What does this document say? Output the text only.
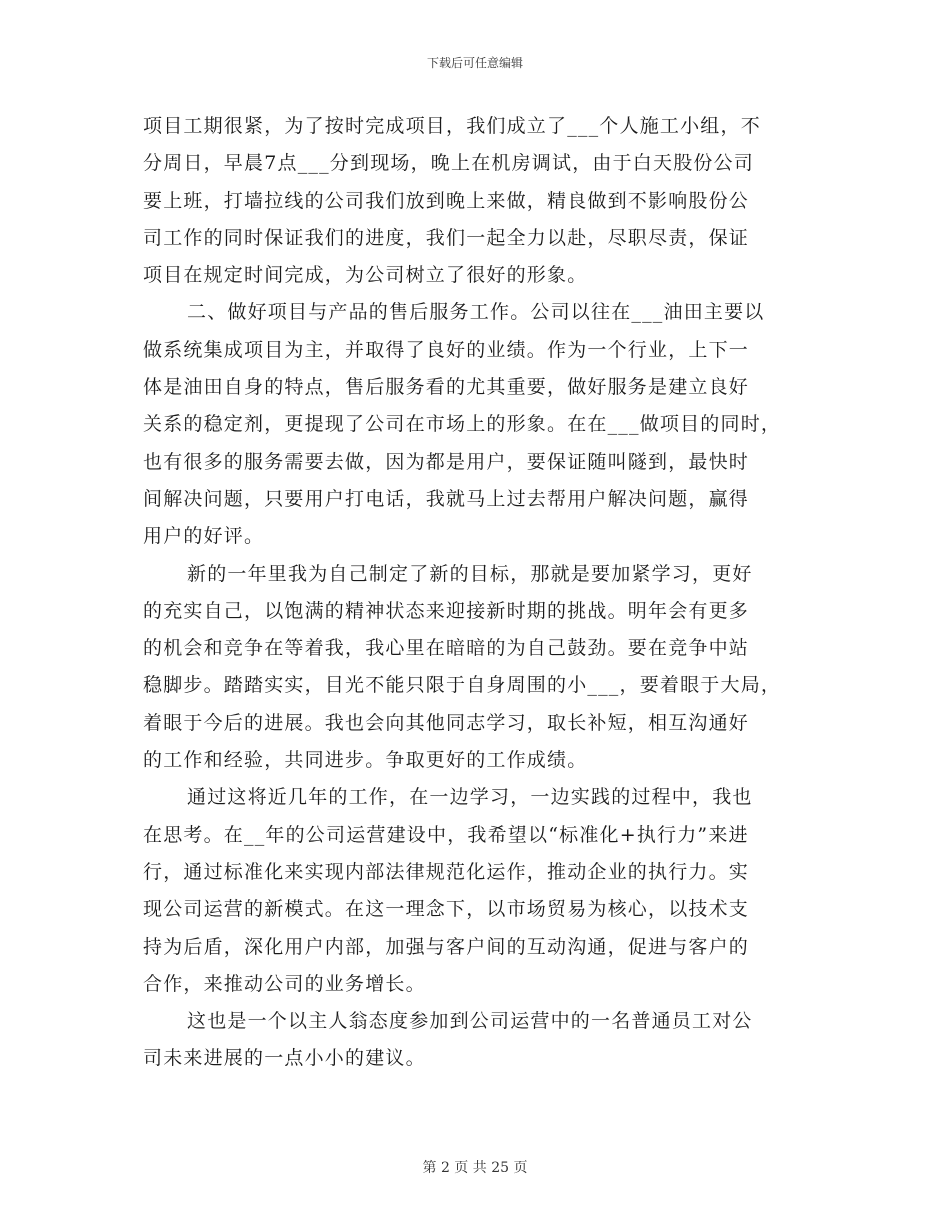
下载后可任意编辑
项目工期很紧，为了按时完成项目，我们成立了___个人施工小组，不
分周日，早晨7点___分到现场，晚上在机房调试，由于白天股份公司
要上班，打墙拉线的公司我们放到晚上来做，精良做到不影响股份公
司工作的同时保证我们的进度，我们一起全力以赴，尽职尽责，保证
项目在规定时间完成，为公司树立了很好的形象。
二、做好项目与产品的售后服务工作。公司以往在___油田主要以
做系统集成项目为主，并取得了良好的业绩。作为一个行业，上下一
体是油田自身的特点，售后服务看的尤其重要，做好服务是建立良好
关系的稳定剂，更提现了公司在市场上的形象。在在___做项目的同时，
也有很多的服务需要去做，因为都是用户，要保证随叫隧到，最快时
间解决问题，只要用户打电话，我就马上过去帮用户解决问题，赢得
用户的好评。
新的一年里我为自己制定了新的目标，那就是要加紧学习，更好
的充实自己，以饱满的精神状态来迎接新时期的挑战。明年会有更多
的机会和竞争在等着我，我心里在暗暗的为自己鼓劲。要在竞争中站
稳脚步。踏踏实实，目光不能只限于自身周围的小___，要着眼于大局，
着眼于今后的进展。我也会向其他同志学习，取长补短，相互沟通好
的工作和经验，共同进步。争取更好的工作成绩。
通过这将近几年的工作，在一边学习，一边实践的过程中，我也
在思考。在__年的公司运营建设中，我希望以“标准化+执行力”来进
行，通过标准化来实现内部法律规范化运作，推动企业的执行力。实
现公司运营的新模式。在这一理念下，以市场贸易为核心，以技术支
持为后盾，深化用户内部，加强与客户间的互动沟通，促进与客户的
合作，来推动公司的业务增长。
这也是一个以主人翁态度参加到公司运营中的一名普通员工对公
司未来进展的一点小小的建议。
第 2 页 共 25 页
